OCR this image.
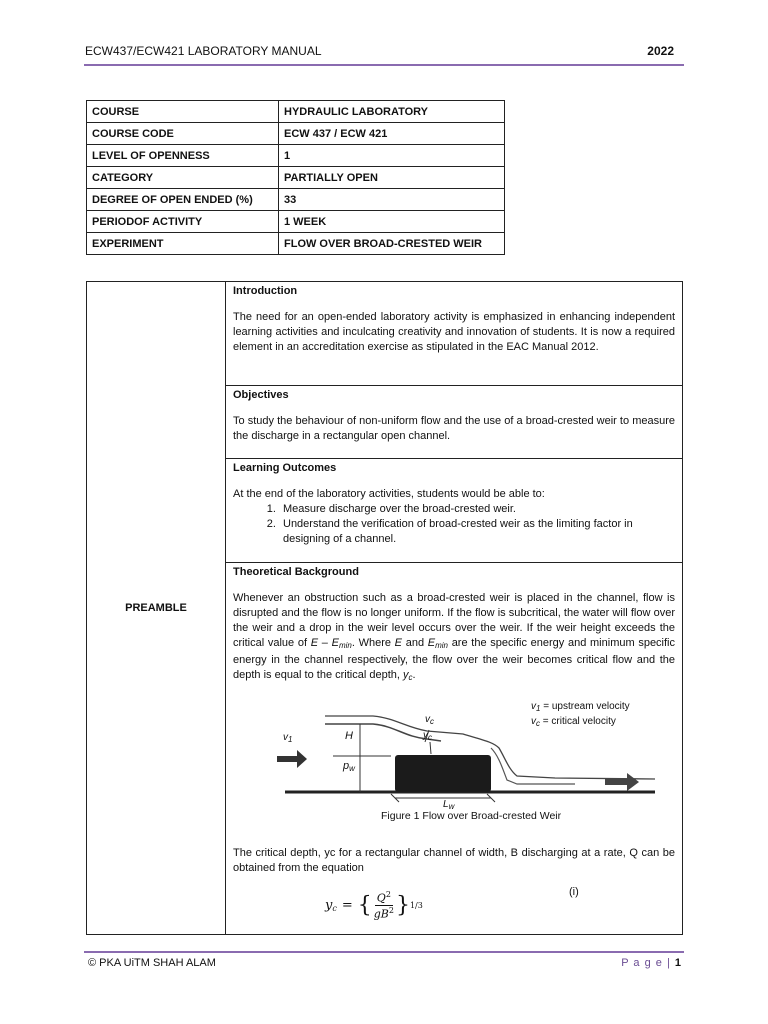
ECW437/ECW421 LABORATORY MANUAL	2022
COURSE	HYDRAULIC LABORATORY
COURSE CODE	ECW 437 / ECW 421
LEVEL OF OPENNESS	1
CATEGORY	PARTIALLY OPEN
DEGREE OF OPEN ENDED (%)	33
PERIODOF ACTIVITY	1 WEEK
EXPERIMENT	FLOW OVER BROAD-CRESTED WEIR
PREAMBLE	
Introduction

The need for an open-ended laboratory activity is emphasized in enhancing independent learning activities and inculcating creativity and innovation of students. It is now a required element in an accreditation exercise as stipulated in the EAC Manual 2012.

Objectives

To study the behaviour of non-uniform flow and the use of a broad-crested weir to measure the discharge in a rectangular open channel.

Learning Outcomes

At the end of the laboratory activities, students would be able to:

1. Measure discharge over the broad-crested weir.
2. Understand the verification of broad-crested weir as the limiting factor in designing of a channel.
Theoretical Background

Whenever an obstruction such as a broad-crested weir is placed in the channel, flow is disrupted and the flow is no longer uniform. If the flow is subcritical, the water will flow over the weir and a drop in the weir level occurs over the weir. If the weir height exceeds the critical value of E – $E_{min}$. Where E and $E_{min}$ are the specific energy and minimum specific energy in the channel respectively, the flow over the weir becomes critical flow and the depth is equal to the critical depth, $y_c$.

$v_1$	H
$p_w$
$v_c$
$y_c$
$L_w$
$v_1$ = upstream velocity
$v_c$ = critical velocity
Figure 1 Flow over Broad-crested Weir

The critical depth, yc for a rectangular channel of width, B discharging at a rate, Q can be obtained from the equation

$y_c$ = { $Q^2$
$gB^2$ } 1/3
(i)
© PKA UiTM SHAH ALAM	P a g e | 1
